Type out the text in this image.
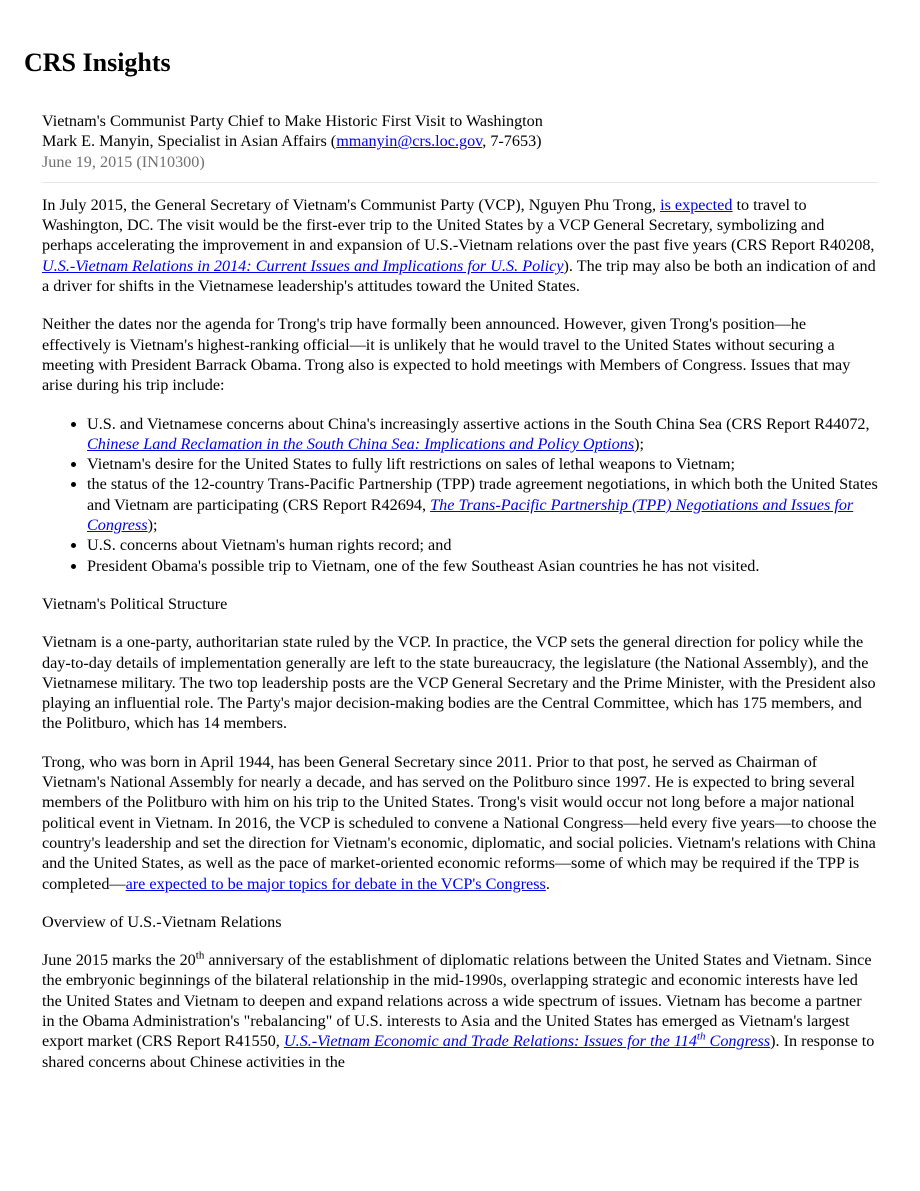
CRS Insights
Vietnam's Communist Party Chief to Make Historic First Visit to Washington
Mark E. Manyin, Specialist in Asian Affairs (mmanyin@crs.loc.gov, 7-7653)
June 19, 2015 (IN10300)

In July 2015, the General Secretary of Vietnam's Communist Party (VCP), Nguyen Phu Trong, is expected to travel to Washington, DC. The visit would be the first-ever trip to the United States by a VCP General Secretary, symbolizing and perhaps accelerating the improvement in and expansion of U.S.-Vietnam relations over the past five years (CRS Report R40208, U.S.-Vietnam Relations in 2014: Current Issues and Implications for U.S. Policy). The trip may also be both an indication of and a driver for shifts in the Vietnamese leadership's attitudes toward the United States.

Neither the dates nor the agenda for Trong's trip have formally been announced. However, given Trong's position—he effectively is Vietnam's highest-ranking official—it is unlikely that he would travel to the United States without securing a meeting with President Barrack Obama. Trong also is expected to hold meetings with Members of Congress. Issues that may arise during his trip include:

• U.S. and Vietnamese concerns about China's increasingly assertive actions in the South China Sea (CRS Report R44072, Chinese Land Reclamation in the South China Sea: Implications and Policy Options);
• Vietnam's desire for the United States to fully lift restrictions on sales of lethal weapons to Vietnam;
• the status of the 12-country Trans-Pacific Partnership (TPP) trade agreement negotiations, in which both the United States and Vietnam are participating (CRS Report R42694, The Trans-Pacific Partnership (TPP) Negotiations and Issues for Congress);
• U.S. concerns about Vietnam's human rights record; and
• President Obama's possible trip to Vietnam, one of the few Southeast Asian countries he has not visited.
Vietnam's Political Structure

Vietnam is a one-party, authoritarian state ruled by the VCP. In practice, the VCP sets the general direction for policy while the day-to-day details of implementation generally are left to the state bureaucracy, the legislature (the National Assembly), and the Vietnamese military. The two top leadership posts are the VCP General Secretary and the Prime Minister, with the President also playing an influential role. The Party's major decision-making bodies are the Central Committee, which has 175 members, and the Politburo, which has 14 members.

Trong, who was born in April 1944, has been General Secretary since 2011. Prior to that post, he served as Chairman of Vietnam's National Assembly for nearly a decade, and has served on the Politburo since 1997. He is expected to bring several members of the Politburo with him on his trip to the United States. Trong's visit would occur not long before a major national political event in Vietnam. In 2016, the VCP is scheduled to convene a National Congress—held every five years—to choose the country's leadership and set the direction for Vietnam's economic, diplomatic, and social policies. Vietnam's relations with China and the United States, as well as the pace of market-oriented economic reforms—some of which may be required if the TPP is completed—are expected to be major topics for debate in the VCP's Congress.

Overview of U.S.-Vietnam Relations

June 2015 marks the 20th anniversary of the establishment of diplomatic relations between the United States and Vietnam. Since the embryonic beginnings of the bilateral relationship in the mid-1990s, overlapping strategic and economic interests have led the United States and Vietnam to deepen and expand relations across a wide spectrum of issues. Vietnam has become a partner in the Obama Administration's "rebalancing" of U.S. interests to Asia and the United States has emerged as Vietnam's largest export market (CRS Report R41550, U.S.-Vietnam Economic and Trade Relations: Issues for the 114th Congress). In response to shared concerns about Chinese activities in the
